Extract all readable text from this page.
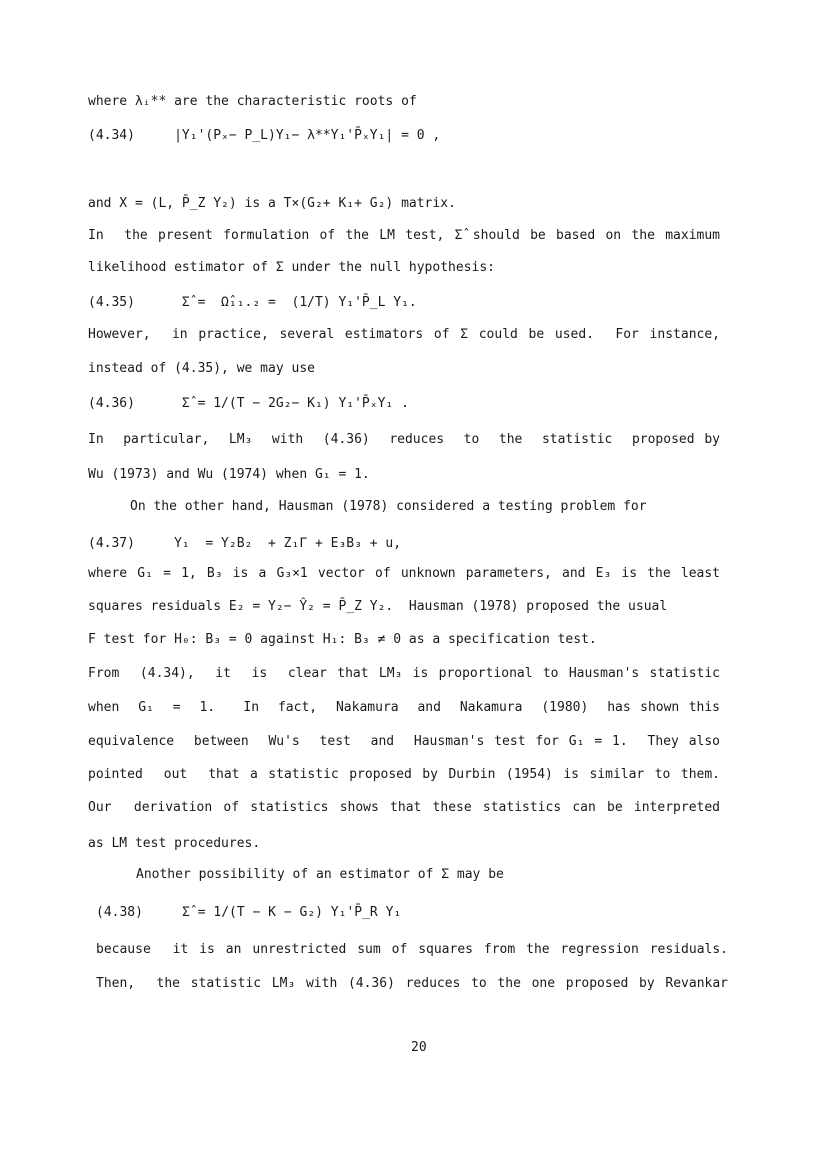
where λᵢ** are the characteristic roots of
(4.34)     |Y₁'(Pₓ− P_L)Y₁− λ**Y₁'P̄ₓY₁| = 0 ,
and X = (L, P̄_Z Y₂) is a T×(G₂+ K₁+ G₂) matrix.
In  the present formulation of the LM test, Σ̂ should be based on the maximum
likelihood estimator of Σ under the null hypothesis:
(4.35)      Σ̂ =  Ω̂₁₁.₂ =  (1/T) Y₁'P̄_L Y₁.
However,  in practice, several estimators of Σ could be used.  For instance,
instead of (4.35), we may use
(4.36)      Σ̂ = 1/(T − 2G₂− K₁) Y₁'P̄ₓY₁ .
In  particular,  LM₃  with  (4.36)  reduces  to  the  statistic  proposed by
Wu (1973) and Wu (1974) when G₁ = 1.
On the other hand, Hausman (1978) considered a testing problem for
(4.37)     Y₁  = Y₂B₂  + Z₁Γ + E₃B₃ + u,
where G₁ = 1, B₃ is a G₃×1 vector of unknown parameters, and E₃ is the least
squares residuals E₂ = Y₂− Ŷ₂ = P̄_Z Y₂.  Hausman (1978) proposed the usual
F test for H₀: B₃ = 0 against H₁: B₃ ≠ 0 as a specification test.
From  (4.34),  it  is  clear that LM₃ is proportional to Hausman's statistic
when  G₁  =  1.   In  fact,  Nakamura  and  Nakamura  (1980)  has shown this
equivalence  between  Wu's  test  and  Hausman's test for G₁ = 1.  They also
pointed  out  that a statistic proposed by Durbin (1954) is similar to them.
Our  derivation of statistics shows that these statistics can be interpreted
as LM test procedures.
Another possibility of an estimator of Σ may be
(4.38)     Σ̂ = 1/(T − K − G₂) Y₁'P̄_R Y₁
because  it is an unrestricted sum of squares from the regression residuals.
Then,  the statistic LM₃ with (4.36) reduces to the one proposed by Revankar
20
